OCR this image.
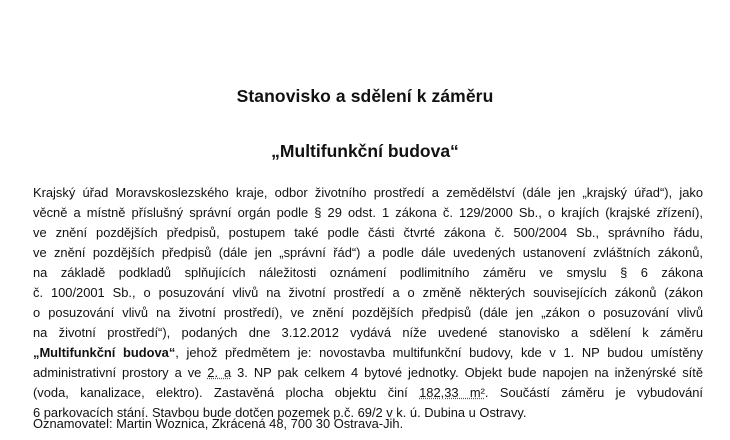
Stanovisko a sdělení k záměru
„Multifunkční budova“
Krajský úřad Moravskoslezského kraje, odbor životního prostředí a zemědělství (dále jen „krajský úřad“), jako
věcně a místně příslušný správní orgán podle § 29 odst. 1 zákona č. 129/2000 Sb., o krajích (krajské zřízení),
ve znění pozdějších předpisů, postupem také podle části čtvrté zákona č. 500/2004 Sb., správního řádu,
ve znění pozdějších předpisů (dále jen „správní řád“) a podle dále uvedených ustanovení zvláštních zákonů,
na základě podkladů splňujících náležitosti oznámení podlimitního záměru ve smyslu § 6 zákona
č. 100/2001 Sb., o posuzování vlivů na životní prostředí a o změně některých souvisejících zákonů (zákon
o posuzování vlivů na životní prostředí), ve znění pozdějších předpisů (dále jen „zákon o posuzování vlivů
na životní prostředí“), podaných dne 3.12.2012 vydává níže uvedené stanovisko a sdělení k záměru
„Multifunkční budova“, jehož předmětem je: novostavba multifunkční budovy, kde v 1. NP budou umístěny
administrativní prostory a ve 2. a 3. NP pak celkem 4 bytové jednotky. Objekt bude napojen na inženýrské sítě
(voda, kanalizace, elektro). Zastavěná plocha objektu činí 182,33 m². Součástí záměru je vybudování
6 parkovacích stání. Stavbou bude dotčen pozemek p.č. 69/2 v k. ú. Dubina u Ostravy.
Oznamovatel: Martin Woznica, Zkrácená 48, 700 30 Ostrava-Jih.
